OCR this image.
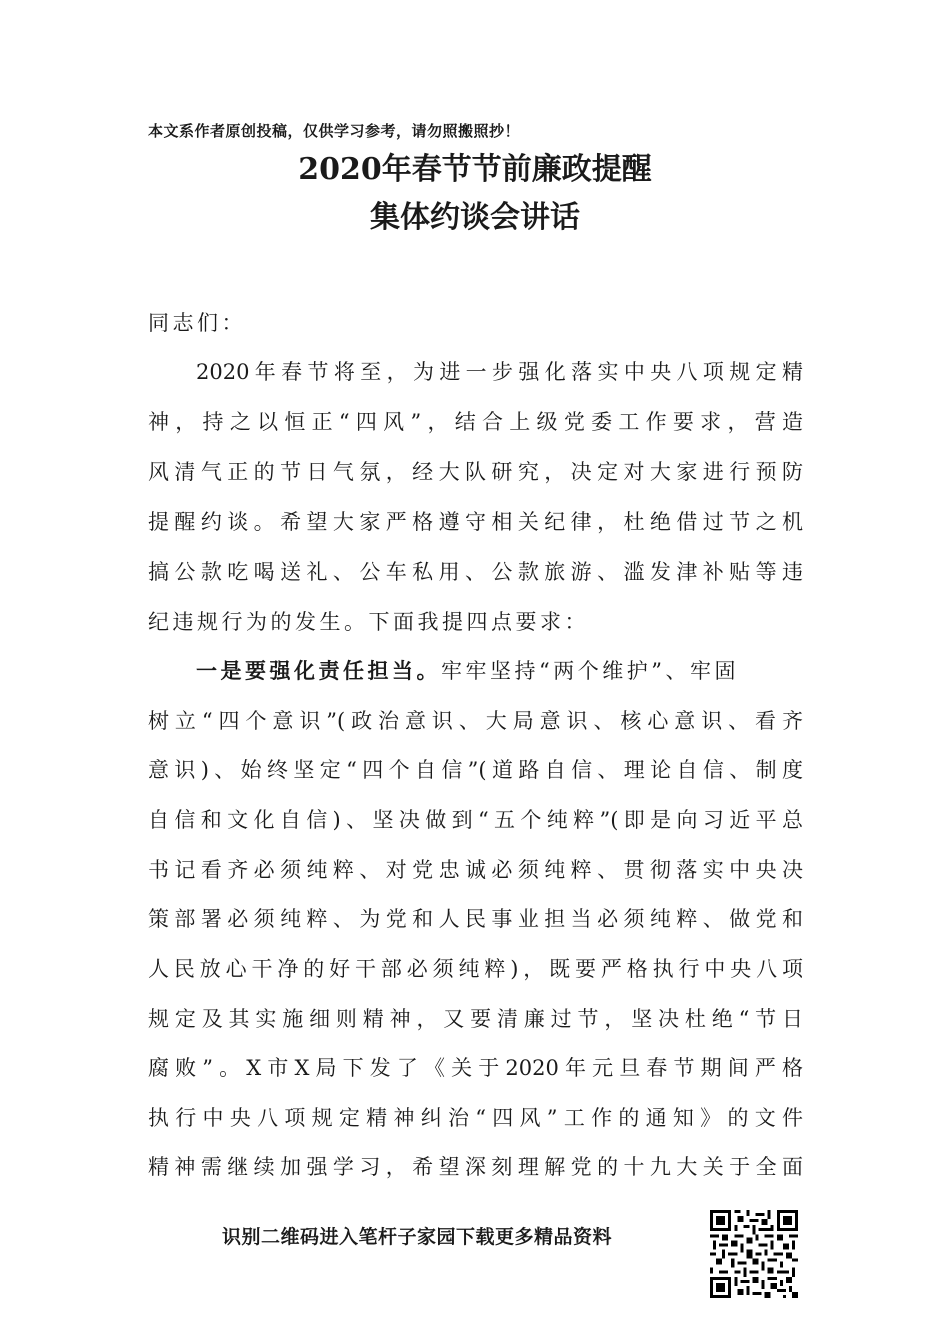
本文系作者原创投稿，仅供学习参考，请勿照搬照抄！
2020年春节节前廉政提醒
集体约谈会讲话
同志们：
2020年春节将至，为进一步强化落实中央八项规定精
神，持之以恒正“四风”，结合上级党委工作要求，营造
风清气正的节日气氛，经大队研究，决定对大家进行预防
提醒约谈。希望大家严格遵守相关纪律，杜绝借过节之机
搞公款吃喝送礼、公车私用、公款旅游、滥发津补贴等违
纪违规行为的发生。下面我提四点要求：
一是要强化责任担当。牢牢坚持“两个维护”、牢固
树立“四个意识”(政治意识、大局意识、核心意识、看齐
意识)、始终坚定“四个自信”(道路自信、理论自信、制度
自信和文化自信)、坚决做到“五个纯粹”(即是向习近平总
书记看齐必须纯粹、对党忠诚必须纯粹、贯彻落实中央决
策部署必须纯粹、为党和人民事业担当必须纯粹、做党和
人民放心干净的好干部必须纯粹)，既要严格执行中央八项
规定及其实施细则精神，又要清廉过节，坚决杜绝“节日
腐败”。X市X局下发了《关于2020年元旦春节期间严格
执行中央八项规定精神纠治“四风”工作的通知》的文件
精神需继续加强学习，希望深刻理解党的十九大关于全面
识别二维码进入笔杆子家园下载更多精品资料
